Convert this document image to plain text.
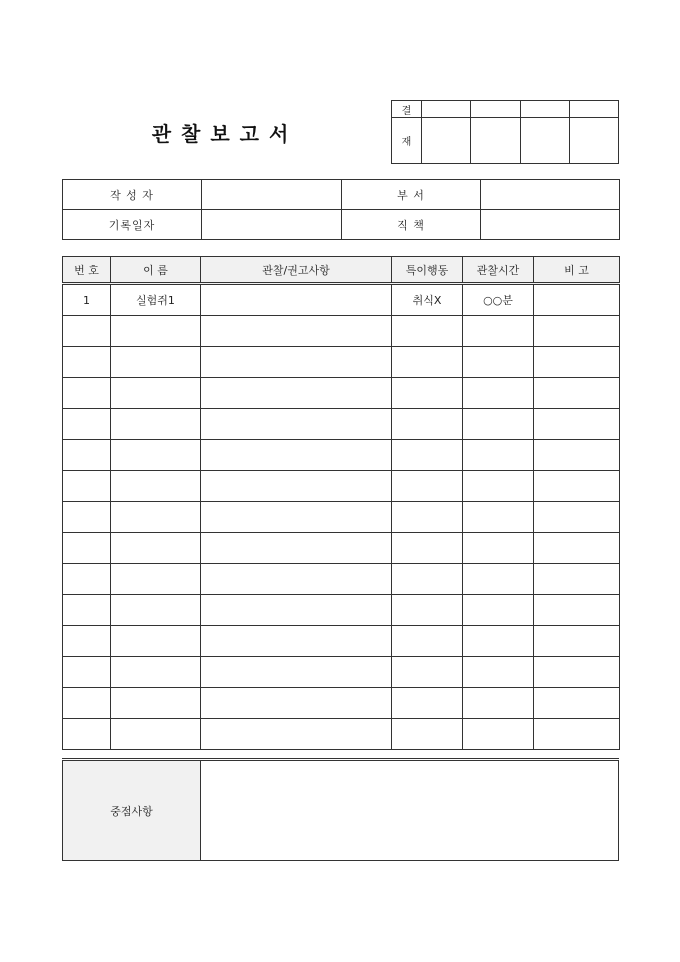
관찰보고서
결				
재				
작 성 자		부 서	
기록일자		직 책	
번 호	이 름	관찰/권고사항	특이행동	관찰시간	비 고
1	실험쥐1		취식X	○○분	

중점사항	
